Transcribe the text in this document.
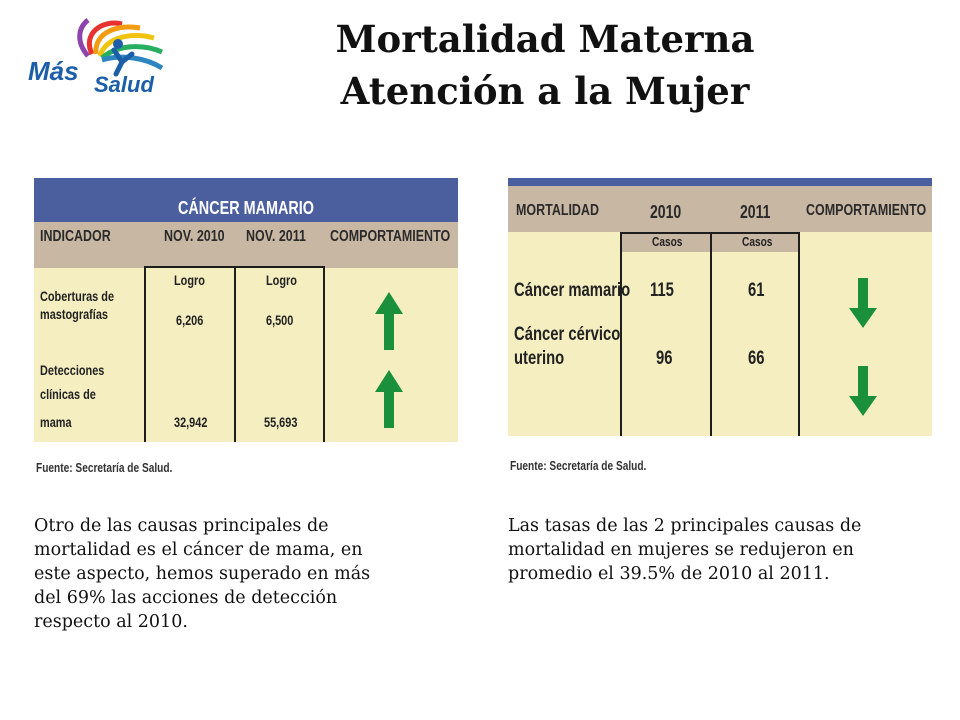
Más Salud
Mortalidad Materna
Atención a la Mujer
CÁNCER MAMARIO
INDICADOR	NOV. 2010	NOV. 2011	COMPORTAMIENTO
Logro	Logro
Coberturas de
mastografías	6,206	6,500
Detecciones
clínicas de
mama	32,942	55,693
Fuente: Secretaría de Salud.
MORTALIDAD	2010	2011	COMPORTAMIENTO
Casos	Casos
Cáncer mamario	115	61
Cáncer cérvico
uterino	96	66
Fuente: Secretaría de Salud.
Otro de las causas principales de
mortalidad es el cáncer de mama, en
este aspecto, hemos superado en más
del 69% las acciones de detección
respecto al 2010.
Las tasas de las 2 principales causas de
mortalidad en mujeres se redujeron en
promedio el 39.5% de 2010 al 2011.
